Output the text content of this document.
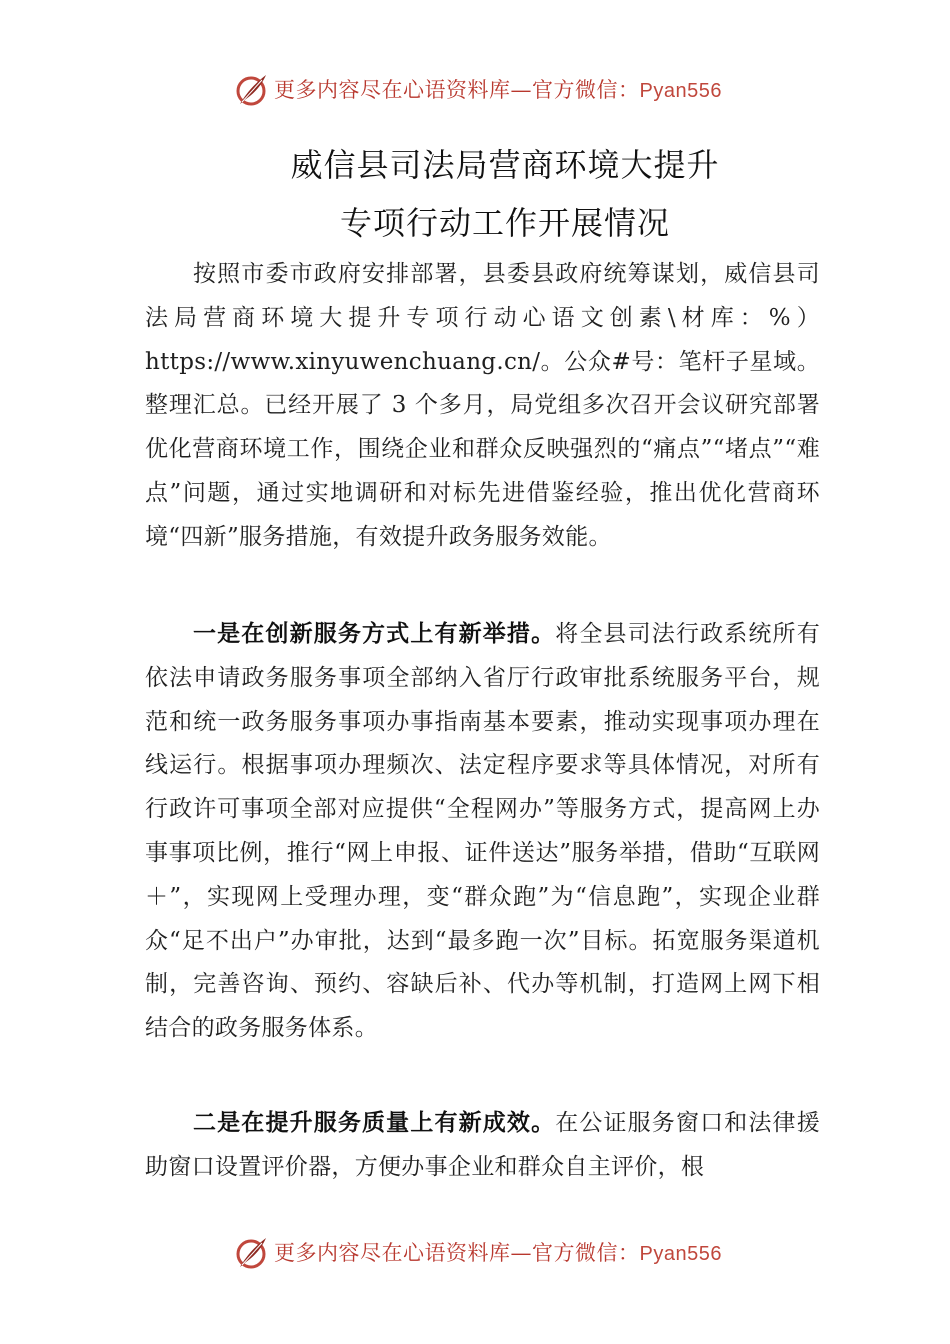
更多内容尽在心语资料库—官方微信：Pyan556
威信县司法局营商环境大提升
专项行动工作开展情况

按照市委市政府安排部署，县委县政府统筹谋划，威信县司法局营商环境大提升专项行动心语文创素\材库：%）https://www.xinyuwenchuang.cn/。公众#号：笔杆子星域。整理汇总。已经开展了 3 个多月，局党组多次召开会议研究部署优化营商环境工作，围绕企业和群众反映强烈的“痛点”“堵点”“难点”问题，通过实地调研和对标先进借鉴经验，推出优化营商环境“四新”服务措施，有效提升政务服务效能。

一是在创新服务方式上有新举措。将全县司法行政系统所有依法申请政务服务事项全部纳入省厅行政审批系统服务平台，规范和统一政务服务事项办事指南基本要素，推动实现事项办理在线运行。根据事项办理频次、法定程序要求等具体情况，对所有行政许可事项全部对应提供“全程网办”等服务方式，提高网上办事事项比例，推行“网上申报、证件送达”服务举措，借助“互联网＋”，实现网上受理办理，变“群众跑”为“信息跑”，实现企业群众“足不出户”办审批，达到“最多跑一次”目标。拓宽服务渠道机制，完善咨询、预约、容缺后补、代办等机制，打造网上网下相结合的政务服务体系。

二是在提升服务质量上有新成效。在公证服务窗口和法律援助窗口设置评价器，方便办事企业和群众自主评价，根

更多内容尽在心语资料库—官方微信：Pyan556
